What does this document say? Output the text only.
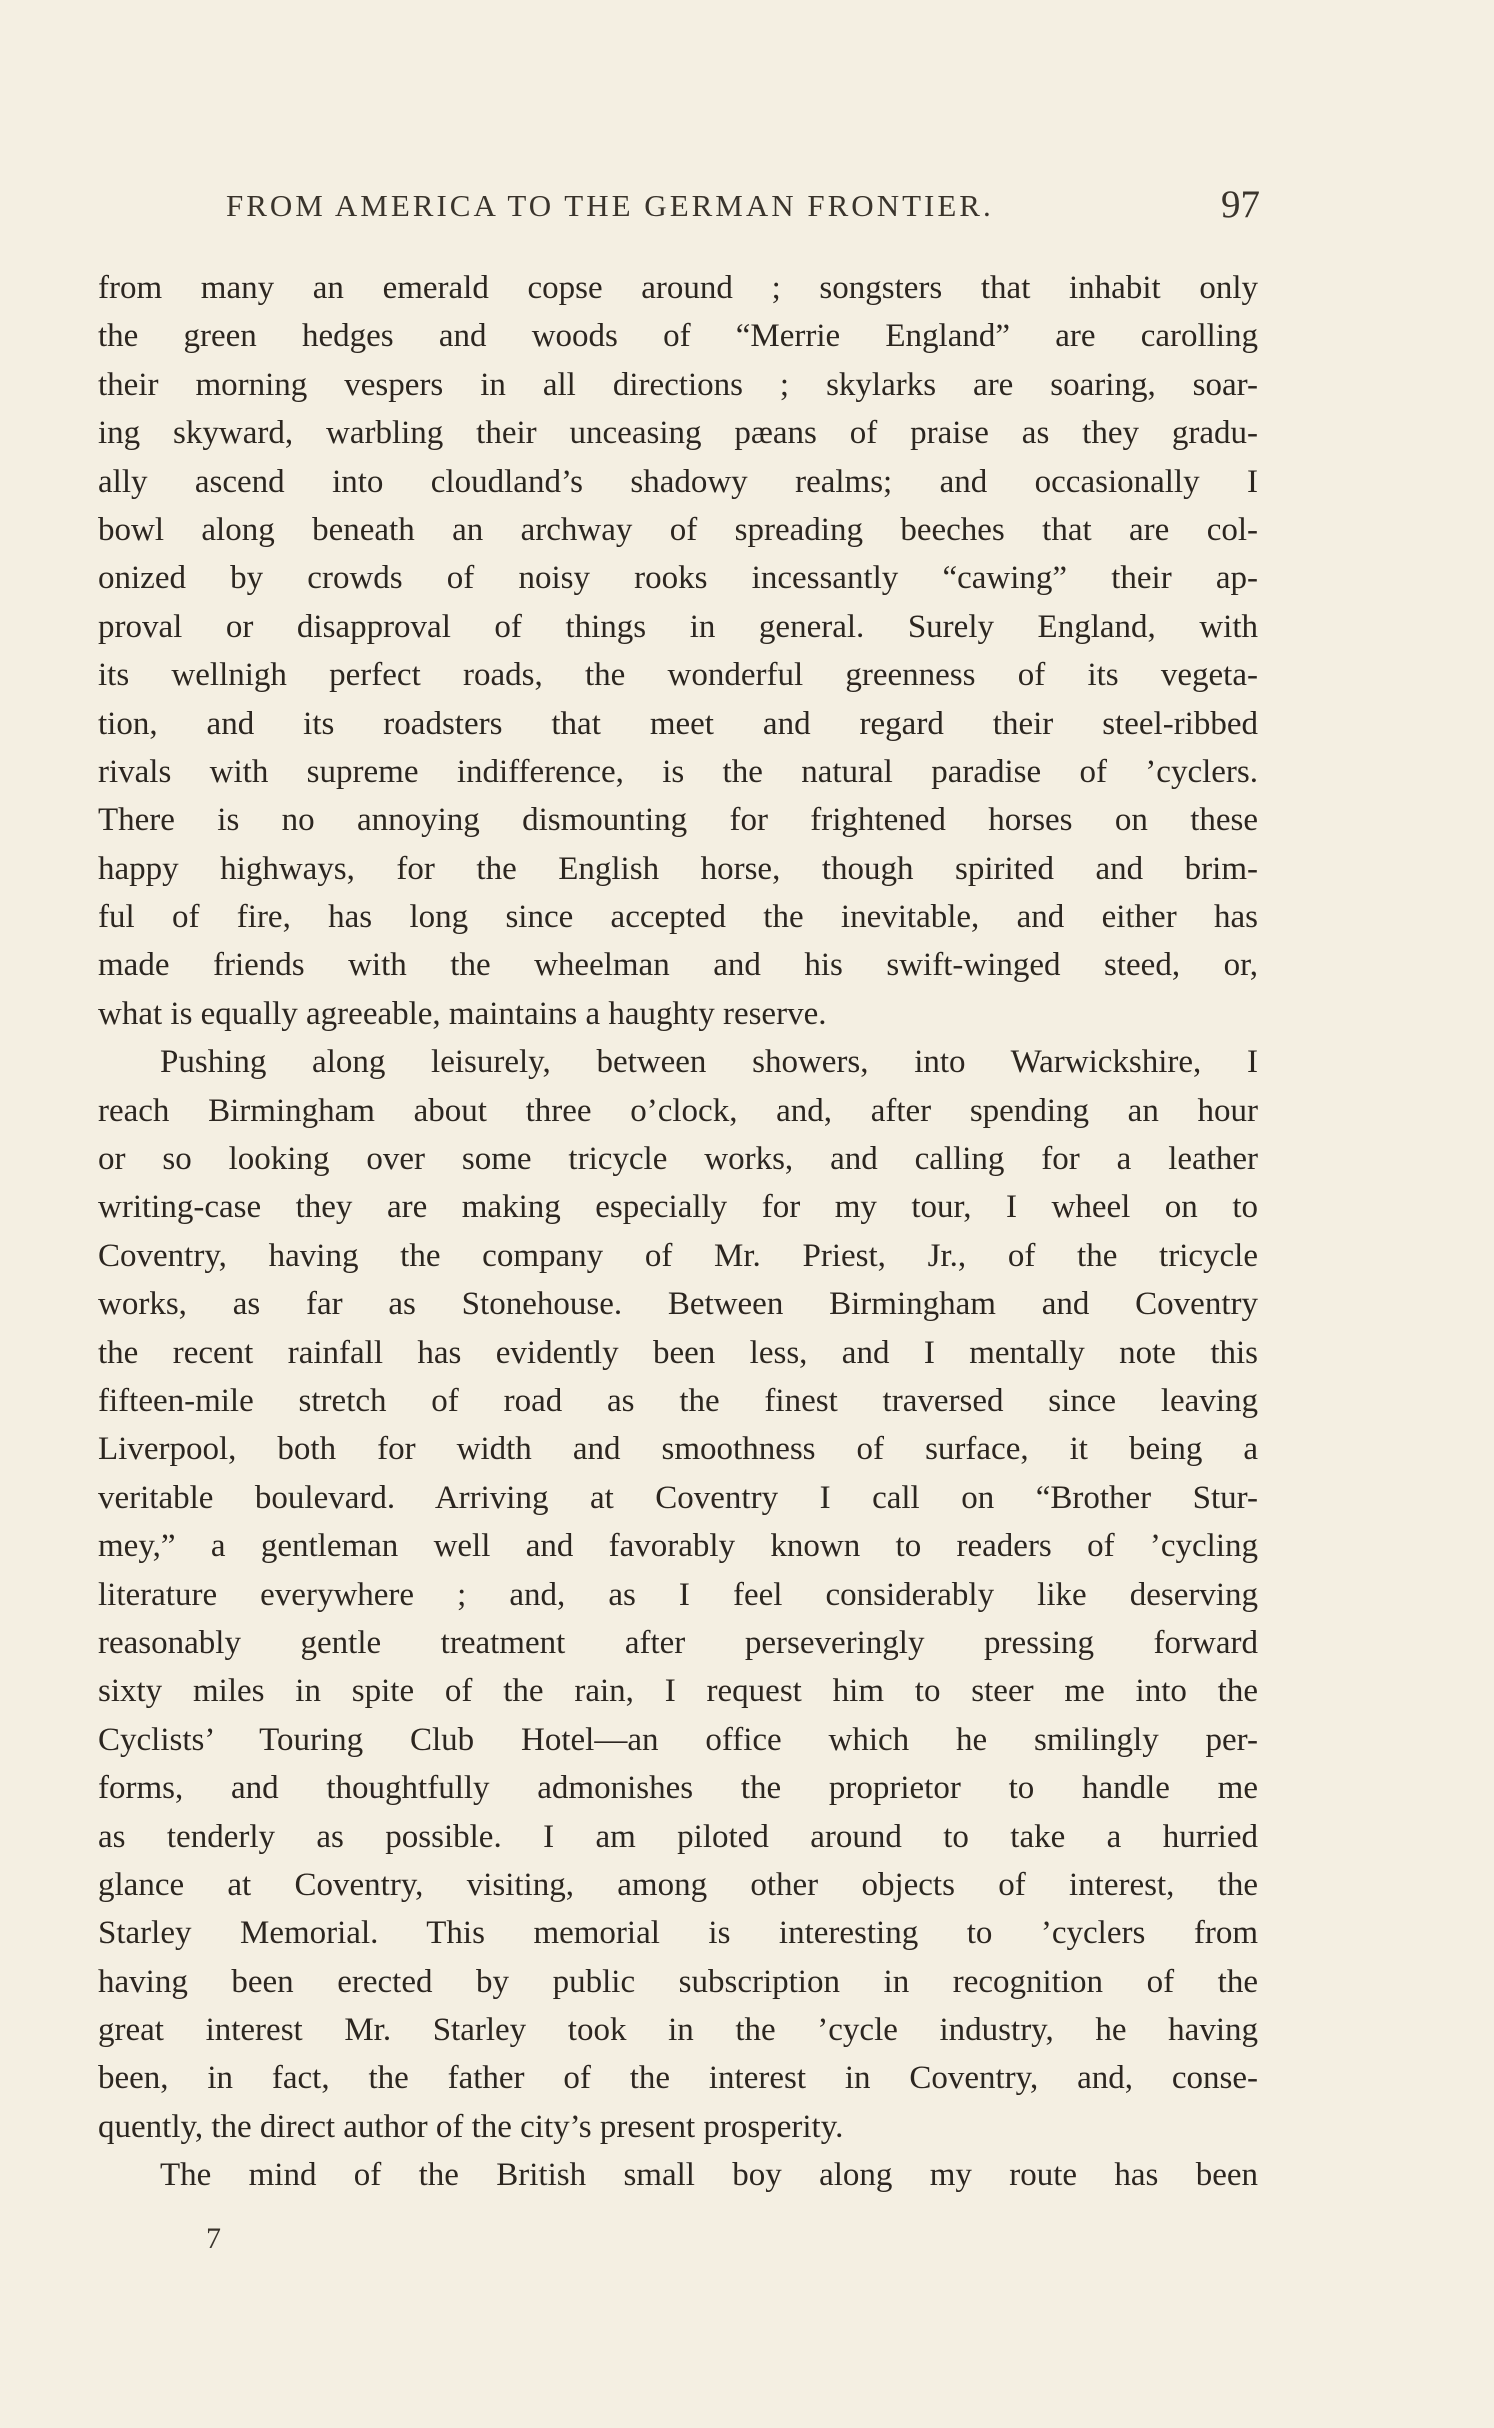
FROM AMERICA TO THE GERMAN FRONTIER.	97
from many an emerald copse around ; songsters that inhabit only
the green hedges and woods of “Merrie England” are carolling
their morning vespers in all directions ; skylarks are soaring, soar-
ing skyward, warbling their unceasing pæans of praise as they gradu-
ally ascend into cloudland’s shadowy realms; and occasionally I
bowl along beneath an archway of spreading beeches that are col-
onized by crowds of noisy rooks incessantly “cawing” their ap-
proval or disapproval of things in general. Surely England, with
its wellnigh perfect roads, the wonderful greenness of its vegeta-
tion, and its roadsters that meet and regard their steel-ribbed
rivals with supreme indifference, is the natural paradise of ’cyclers.
There is no annoying dismounting for frightened horses on these
happy highways, for the English horse, though spirited and brim-
ful of fire, has long since accepted the inevitable, and either has
made friends with the wheelman and his swift-winged steed, or,
what is equally agreeable, maintains a haughty reserve.
Pushing along leisurely, between showers, into Warwickshire, I
reach Birmingham about three o’clock, and, after spending an hour
or so looking over some tricycle works, and calling for a leather
writing-case they are making especially for my tour, I wheel on to
Coventry, having the company of Mr. Priest, Jr., of the tricycle
works, as far as Stonehouse. Between Birmingham and Coventry
the recent rainfall has evidently been less, and I mentally note this
fifteen-mile stretch of road as the finest traversed since leaving
Liverpool, both for width and smoothness of surface, it being a
veritable boulevard. Arriving at Coventry I call on “Brother Stur-
mey,” a gentleman well and favorably known to readers of ’cycling
literature everywhere ; and, as I feel considerably like deserving
reasonably gentle treatment after perseveringly pressing forward
sixty miles in spite of the rain, I request him to steer me into the
Cyclists’ Touring Club Hotel—an office which he smilingly per-
forms, and thoughtfully admonishes the proprietor to handle me
as tenderly as possible. I am piloted around to take a hurried
glance at Coventry, visiting, among other objects of interest, the
Starley Memorial. This memorial is interesting to ’cyclers from
having been erected by public subscription in recognition of the
great interest Mr. Starley took in the ’cycle industry, he having
been, in fact, the father of the interest in Coventry, and, conse-
quently, the direct author of the city’s present prosperity.
The mind of the British small boy along my route has been
7
